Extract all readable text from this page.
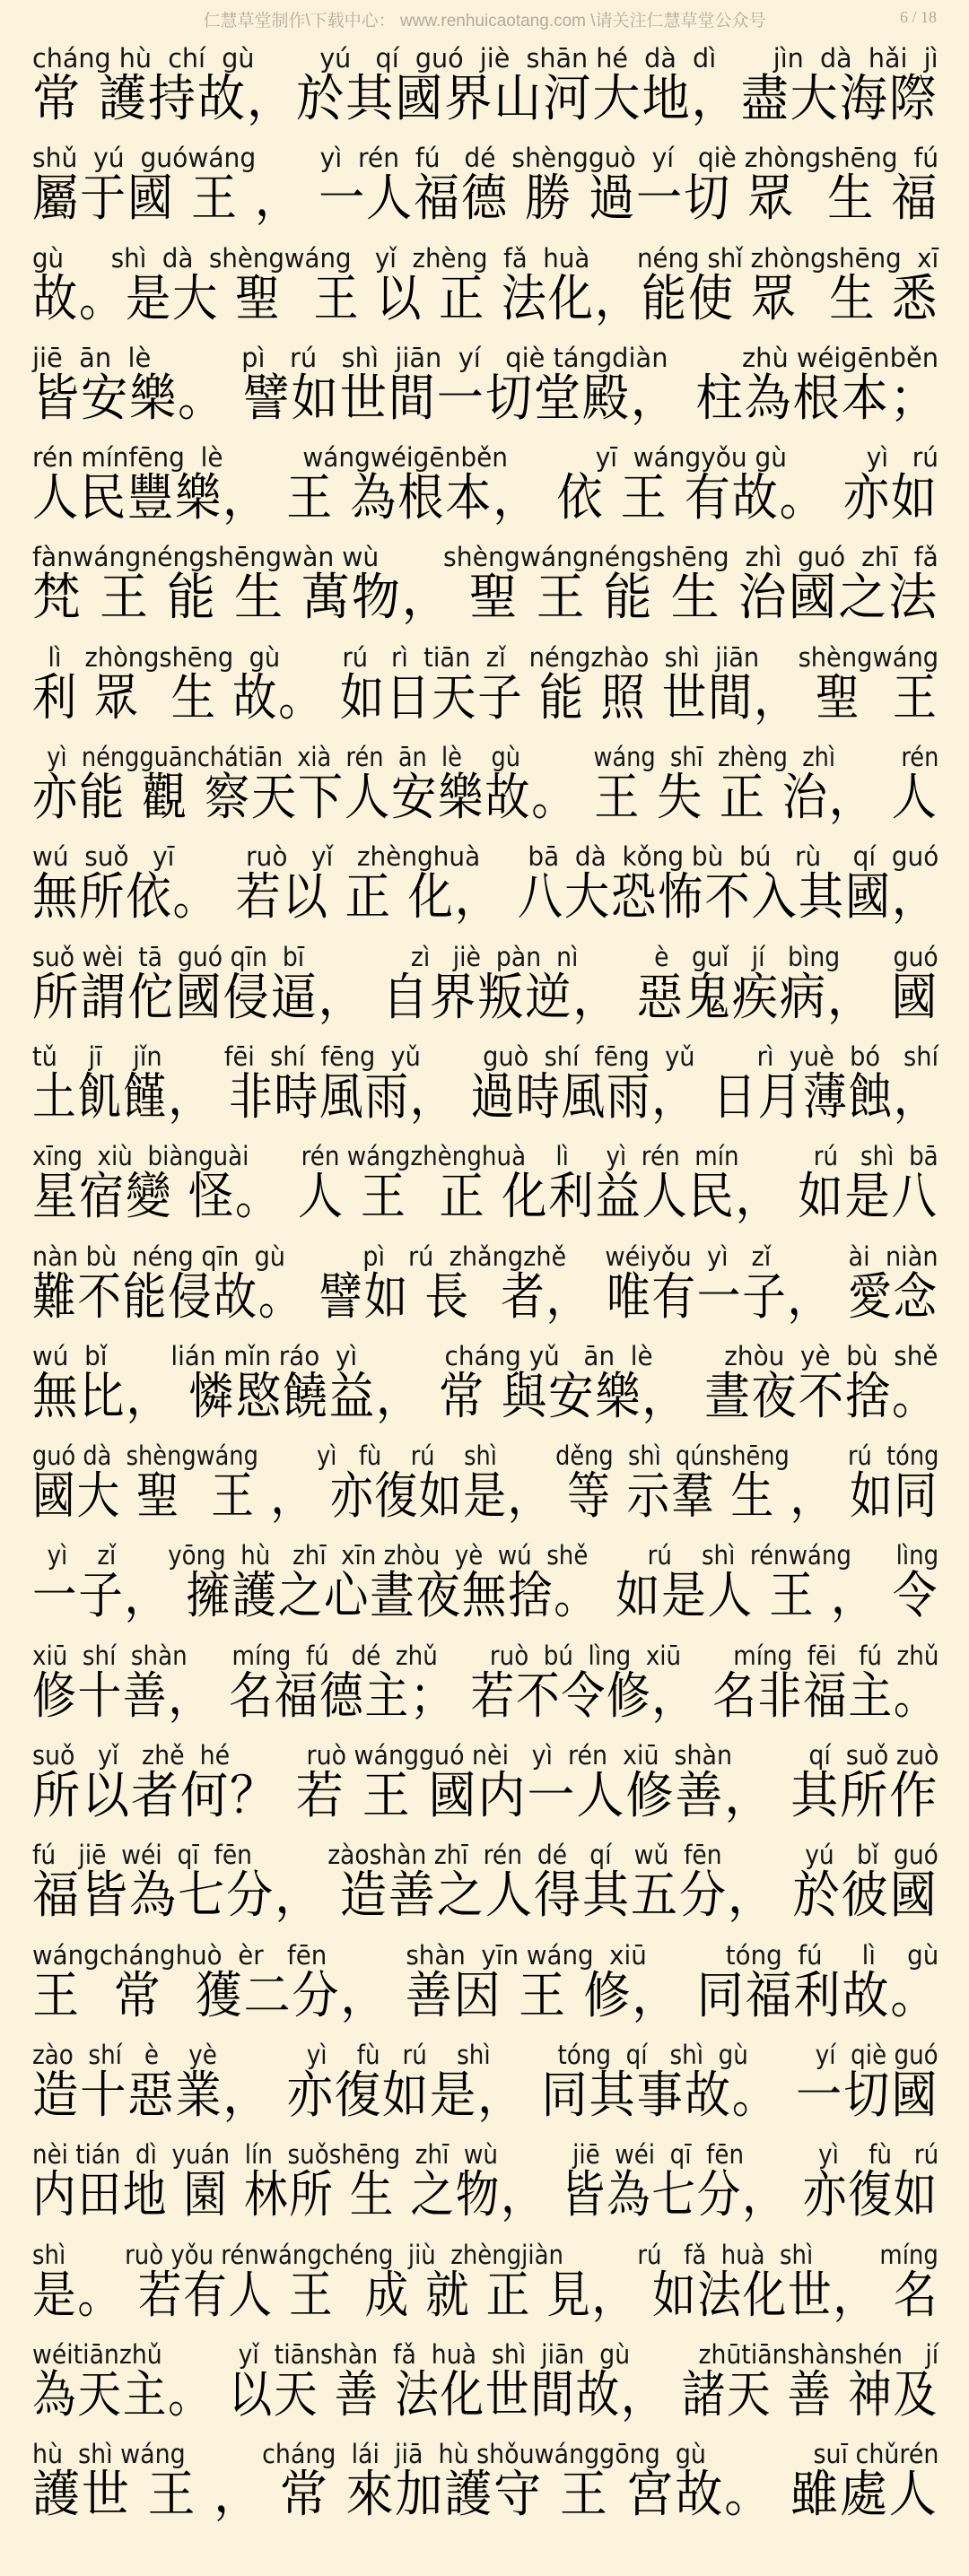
仁慧草堂制作\下载中心： www.renhuicaotang.com \请关注仁慧草堂公众号	6 / 18
cháng hù  chí  gù        yú   qí  guó  jiè  shān hé  dà  dì       jìn  dà  hǎi  jì
常 護持故，於其國界山河大地，盡大海際
shǔ  yú  guówáng        yì  rén  fú   dé  shèngguò  yí   qiè zhòngshēng  fú
屬于國 王 ， 一人福德 勝 過一切 眾  生 福
gù      shì  dà  shèngwáng   yǐ  zhèng  fǎ  huà      néng shǐ zhòngshēng  xī
故。是大 聖  王 以 正 法化，能使 眾  生 悉
jiē  ān  lè           pì   rú   shì  jiān  yí   qiè tángdiàn         zhù wéigēnběn
皆安樂。 譬如世間一切堂殿， 柱為根本；
rén mínfēng  lè          wángwéigēnběn           yī  wángyǒu gù          yì   rú
人民豐樂， 王 為根本， 依 王 有故。 亦如
fànwángnéngshēngwàn wù        shèngwángnéngshēng  zhì  guó  zhī  fǎ
梵 王 能 生 萬物， 聖 王 能 生 治國之法
lì   zhòngshēng  gù        rú   rì  tiān  zǐ   néngzhào  shì  jiān     shèngwáng
利 眾  生 故。 如日天子 能 照 世間， 聖  王
yì  néngguānchátiān  xià  rén  ān  lè    gù          wáng  shī  zhèng  zhì         rén
亦能 觀 察天下人安樂故。 王 失 正 治， 人
wú  suǒ   yī         ruò   yǐ   zhènghuà      bā  dà  kǒng bù  bú   rù    qí  guó
無所依。 若以 正 化， 八大恐怖不入其國，
suǒ wèi  tā  guó qīn  bī              zì   jiè  pàn  nì          è   guǐ   jí   bìng       guó
所謂佗國侵逼， 自界叛逆， 惡鬼疾病， 國
tǔ    jī    jǐn        fēi  shí  fēng  yǔ        guò  shí  fēng  yǔ        rì  yuè  bó   shí
土飢饉， 非時風雨， 過時風雨， 日月薄蝕，
xīng  xiù  biànguài       rén wángzhènghuà    lì     yì  rén  mín          rú   shì  bā
星宿變 怪。 人 王  正 化利益人民， 如是八
nàn bù  néng qīn  gù          pì   rú  zhǎngzhě     wéiyǒu  yì   zǐ          ài  niàn
難不能侵故。 譬如 長  者， 唯有一子， 愛念
wú  bǐ        lián mǐn ráo  yì           cháng yǔ   ān  lè         zhòu  yè  bù  shě
無比， 憐愍饒益， 常 與安樂， 晝夜不捨。
guó dà  shèngwáng        yì   fù    rú    shì        děng  shì  qúnshēng        rú  tóng
國大 聖  王 ， 亦復如是， 等 示羣 生 ， 如同
yì    zǐ       yōng  hù   zhī  xīn zhòu  yè  wú  shě        rú    shì  rénwáng      lìng
一子， 擁護之心晝夜無捨。 如是人 王 ， 令
xiū  shí  shàn      míng  fú   dé  zhǔ       ruò  bú  lìng  xiū       míng  fēi   fú  zhǔ
修十善， 名福德主； 若不令修， 名非福主。
suǒ   yǐ   zhě  hé          ruò wángguó nèi   yì  rén  xiū  shàn          qí  suǒ zuò
所以者何？ 若 王 國内一人修善， 其所作
fú   jiē  wéi  qī  fēn          zàoshàn zhī  rén  dé   qí   wǔ  fēn           yú   bǐ  guó
福皆為七分， 造善之人得其五分， 於彼國
wángchánghuò  èr   fēn          shàn  yīn wáng  xiū          tóng  fú     lì    gù
王  常  獲二分， 善因 王 修， 同福利故。
zào  shí   è    yè            yì    fù   rú    shì         tóng  qí   shì  gù         yí  qiè guó
造十惡業， 亦復如是， 同其事故。 一切國
nèi tián  dì  yuán  lín  suǒshēng  zhī  wù          jiē  wéi  qī  fēn          yì    fù   rú
内田地 園 林所 生 之物， 皆為七分， 亦復如
shì        ruò yǒu rénwángchéng  jiù  zhèngjiàn          rú   fǎ  huà  shì         míng
是。 若有人 王  成 就 正 見， 如法化世， 名
wéitiānzhǔ          yǐ  tiānshàn  fǎ  huà  shì  jiān  gù         zhūtiānshànshén   jí
為天主。 以天 善 法化世間故， 諸天 善 神及
hù  shì wáng          cháng  lái  jiā  hù shǒuwánggōng  gù              suī chǔrén
護世 王 ， 常 來加護守 王 宮故。 雖處人
